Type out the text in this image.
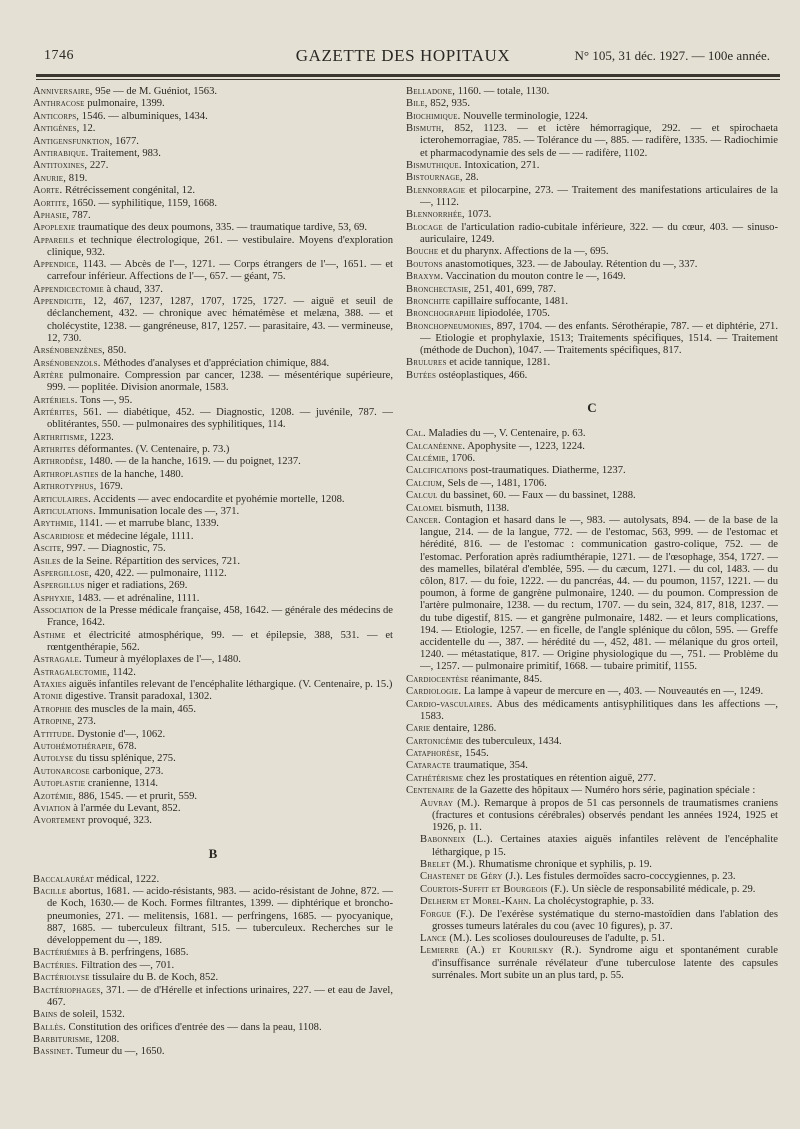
1746	GAZETTE DES HOPITAUX	N° 105, 31 déc. 1927. — 100e année.

Anniversaire, 95e — de M. Guéniot, 1563.

Anthracose pulmonaire, 1399.

Anticorps, 1546. — albuminiques, 1434.

Antigènes, 12.

Antigensfunktion, 1677.

Antirabique. Traitement, 983.

Antitoxines, 227.

Anurie, 819.

Aorte. Rétrécissement congénital, 12.

Aortite, 1650. — syphilitique, 1159, 1668.

Aphasie, 787.

Apoplexie traumatique des deux poumons, 335. — traumatique tardive, 53, 69.

Appareils et technique électrologique, 261. — vestibulaire. Moyens d'exploration clinique, 932.

Appendice, 1143. — Abcès de l'—, 1271. — Corps étrangers de l'—, 1651. — et carrefour inférieur. Affections de l'—, 657. — géant, 75.

Appendicectomie à chaud, 337.

Appendicite, 12, 467, 1237, 1287, 1707, 1725, 1727. — aiguë et seuil de déclanchement, 432. — chronique avec hématémèse et melæna, 388. — et cholécystite, 1238. — gangréneuse, 817, 1257. — parasitaire, 43. — vermineuse, 12, 730.

Arsénobenzènes, 850.

Arsénobenzols. Méthodes d'analyses et d'appréciation chimique, 884.

Artère pulmonaire. Compression par cancer, 1238. — mésentérique supérieure, 999. — poplitée. Division anormale, 1583.

Artériels. Tons —, 95.

Artérites, 561. — diabétique, 452. — Diagnostic, 1208. — juvénile, 787. — oblitérantes, 550. — pulmonaires des syphilitiques, 114.

Arthritisme, 1223.

Arthrites déformantes. (V. Centenaire, p. 73.)

Arthrodèse, 1480. — de la hanche, 1619. — du poignet, 1237.

Arthroplasties de la hanche, 1480.

Arthrotyphus, 1679.

Articulaires. Accidents — avec endocardite et pyohémie mortelle, 1208.

Articulations. Immunisation locale des —, 371.

Arythmie, 1141. — et marrube blanc, 1339.

Ascaridiose et médecine légale, 1111.

Ascite, 997. — Diagnostic, 75.

Asiles de la Seine. Répartition des services, 721.

Aspergillose, 420, 422. — pulmonaire, 1112.

Aspergillus niger et radiations, 269.

Asphyxie, 1483. — et adrénaline, 1111.

Association de la Presse médicale française, 458, 1642. — générale des médecins de France, 1642.

Asthme et électricité atmosphérique, 99. — et épilepsie, 388, 531. — et rœntgenthérapie, 562.

Astragale. Tumeur à myéloplaxes de l'—, 1480.

Astragalectomie, 1142.

Ataxies aiguës infantiles relevant de l'encéphalite léthargique. (V. Centenaire, p. 15.)

Atonie digestive. Transit paradoxal, 1302.

Atrophie des muscles de la main, 465.

Atropine, 273.

Attitude. Dystonie d'—, 1062.

Autohémothérapie, 678.

Autolyse du tissu splénique, 275.

Autonarcose carbonique, 273.

Autoplastie cranienne, 1314.

Azotémie, 886, 1545. — et prurit, 559.

Aviation à l'armée du Levant, 852.

Avortement provoqué, 323.

B

Baccalauréat médical, 1222.

Bacille abortus, 1681. — acido-résistants, 983. — acido-résistant de Johne, 872. — de Koch, 1630.— de Koch. Formes filtrantes, 1399. — diphtérique et broncho-pneumonies, 271. — melitensis, 1681. — perfringens, 1685. — pyocyanique, 887, 1685. — tuberculeux filtrant, 515. — tuberculeux. Recherches sur le développement du —, 189.

Bactériémies à B. perfringens, 1685.

Bactéries. Filtration des —, 701.

Bactériolyse tissulaire du B. de Koch, 852.

Bactériophages, 371. — de d'Hérelle et infections urinaires, 227. — et eau de Javel, 467.

Bains de soleil, 1532.

Ballès. Constitution des orifices d'entrée des — dans la peau, 1108.

Barbiturisme, 1208.

Bassinet. Tumeur du —, 1650.

Belladone, 1160. — totale, 1130.

Bile, 852, 935.

Biochimique. Nouvelle terminologie, 1224.

Bismuth, 852, 1123. — et ictère hémorragique, 292. — et spirochaeta icterohemorragiae, 785. — Tolérance du —, 885. — radifère, 1335. — Radiochimie et pharmacodynamie des sels de — — radifère, 1102.

Bismuthique. Intoxication, 271.

Bistournage, 28.

Blennorragie et pilocarpine, 273. — Traitement des manifestations articulaires de la —, 1112.

Blennorrhée, 1073.

Blocage de l'articulation radio-cubitale inférieure, 322. — du cœur, 403. — sinuso-auriculaire, 1249.

Bouche et du pharynx. Affections de la —, 695.

Boutons anastomotiques, 323. — de Jaboulay. Rétention du —, 337.

Braxym. Vaccination du mouton contre le —, 1649.

Bronchectasie, 251, 401, 699, 787.

Bronchite capillaire suffocante, 1481.

Bronchographie lipiodolée, 1705.

Bronchopneumonies, 897, 1704. — des enfants. Sérothérapie, 787. — et diphtérie, 271. — Etiologie et prophylaxie, 1513; Traitements spécifiques, 1514. — Traitement (méthode de Duchon), 1047. — Traitements spécifiques, 817.

Brulures et acide tannique, 1281.

Butées ostéoplastiques, 466.

C

Cal. Maladies du —, V. Centenaire, p. 63.

Calcanéenne. Apophysite —, 1223, 1224.

Calcémie, 1706.

Calcifications post-traumatiques. Diatherme, 1237.

Calcium, Sels de —, 1481, 1706.

Calcul du bassinet, 60. — Faux — du bassinet, 1288.

Calomel bismuth, 1138.

Cancer. Contagion et hasard dans le —, 983. — autolysats, 894. — de la base de la langue, 214. — de la langue, 772. — de l'estomac, 563, 999. — de l'estomac et hérédité, 816. — de l'estomac : communication gastro-colique, 752. — de l'estomac. Perforation après radiumthérapie, 1271. — de l'œsophage, 354, 1727. — des mamelles, bilatéral d'emblée, 595. — du cæcum, 1271. — du col, 1483. — du côlon, 817. — du foie, 1222. — du pancréas, 44. — du poumon, 1157, 1221. — du poumon, à forme de gangrène pulmonaire, 1240. — du poumon. Compression de l'artère pulmonaire, 1238. — du rectum, 1707. — du sein, 324, 817, 818, 1237. — du tube digestif, 815. — et gangrène pulmonaire, 1482. — et leurs complications, 194. — Etiologie, 1257. — en ficelle, de l'angle splénique du côlon, 595. — Greffe accidentelle du —, 387. — hérédité du —, 452, 481. — mélanique du gros orteil, 1240. — métastatique, 817. — Origine physiologique du —, 751. — Problème du —, 1257. — pulmonaire primitif, 1668. — tubaire primitif, 1155.

Cardiocentèse réanimante, 845.

Cardiologie. La lampe à vapeur de mercure en —, 403. — Nouveautés en —, 1249.

Cardio-vasculaires. Abus des médicaments antisyphilitiques dans les affections —, 1583.

Carie dentaire, 1286.

Cartonicémie des tuberculeux, 1434.

Cataphorèse, 1545.

Cataracte traumatique, 354.

Cathétérisme chez les prostatiques en rétention aiguë, 277.

Centenaire de la Gazette des hôpitaux — Numéro hors série, pagination spéciale :

Auvray (M.). Remarque à propos de 51 cas personnels de traumatismes craniens (fractures et contusions cérébrales) observés pendant les années 1924, 1925 et 1926, p. 11.

Babonneix (L.). Certaines ataxies aiguës infantiles relèvent de l'encéphalite léthargique, p 15.

Brelet (M.). Rhumatisme chronique et syphilis, p. 19.

Chastenet de Géry (J.). Les fistules dermoïdes sacro-coccygiennes, p. 23.

Courtois-Suffit et Bourgeois (F.). Un siècle de responsabilité médicale, p. 29.

Delherm et Morel-Kahn. La cholécystographie, p. 33.

Forgue (F.). De l'exérèse systématique du sterno-mastoïdien dans l'ablation des grosses tumeurs latérales du cou (avec 10 figures), p. 37.

Lance (M.). Les scolioses douloureuses de l'adulte, p. 51.

Lemierre (A.) et Kourilsky (R.). Syndrome aigu et spontanément curable d'insuffisance surrénale révélateur d'une tuberculose latente des capsules surrénales. Mort subite un an plus tard, p. 55.
